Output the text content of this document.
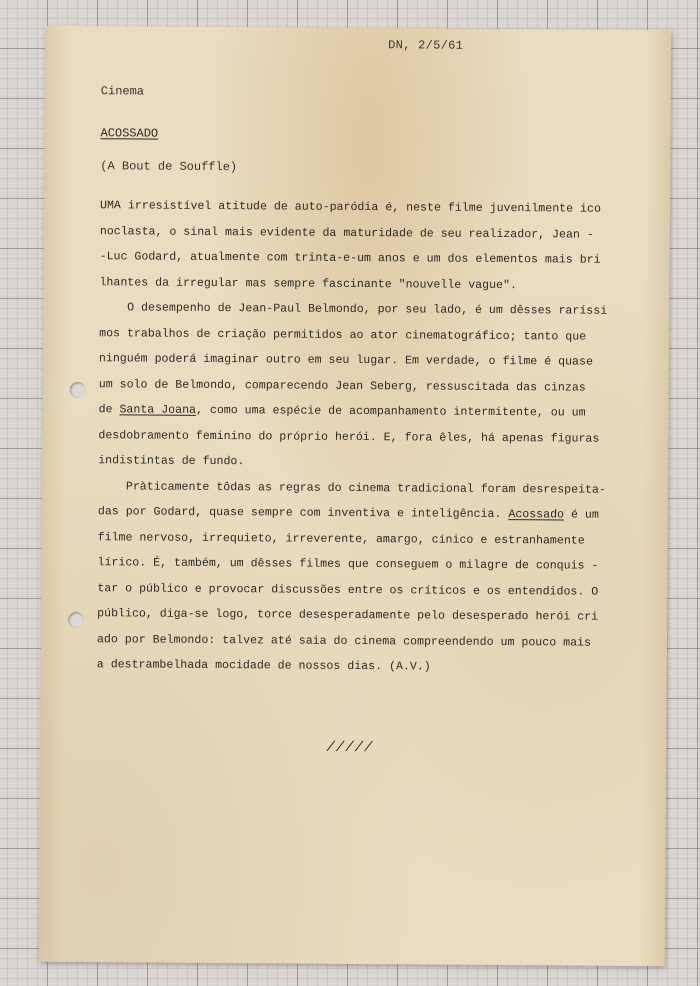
DN, 2/5/61
Cinema
ACOSSADO
(A Bout de Souffle)
UMA irresistível atitude de auto-paródia é, neste filme juvenilmente ico
noclasta, o sinal mais evidente da maturidade de seu realizador, Jean -
-Luc Godard, atualmente com trinta-e-um anos e um dos elementos mais bri
lhantes da irregular mas sempre fascinante "nouvelle vague".
O desempenho de Jean-Paul Belmondo, por seu lado, é um dêsses raríssi
mos trabalhos de criação permitidos ao ator cinematográfico; tanto que
ninguém poderá imaginar outro em seu lugar. Em verdade, o filme é quase
um solo de Belmondo, comparecendo Jean Seberg, ressuscitada das cinzas
de Santa Joana, como uma espécie de acompanhamento intermitente, ou um
desdobramento feminino do próprio herói. E, fora êles, há apenas figuras
indistintas de fundo.
Pràticamente tôdas as regras do cinema tradicional foram desrespeita-
das por Godard, quase sempre com inventiva e inteligência. Acossado é um
filme nervoso, irrequieto, irreverente, amargo, cínico e estranhamente
lírico. É, também, um dêsses filmes que conseguem o milagre de conquis -
tar o público e provocar discussões entre os críticos e os entendidos. O
público, diga-se logo, torce desesperadamente pelo desesperado herói cri
ado por Belmondo: talvez até saia do cinema compreendendo um pouco mais
a destrambelhada mocidade de nossos dias. (A.V.)
/////
